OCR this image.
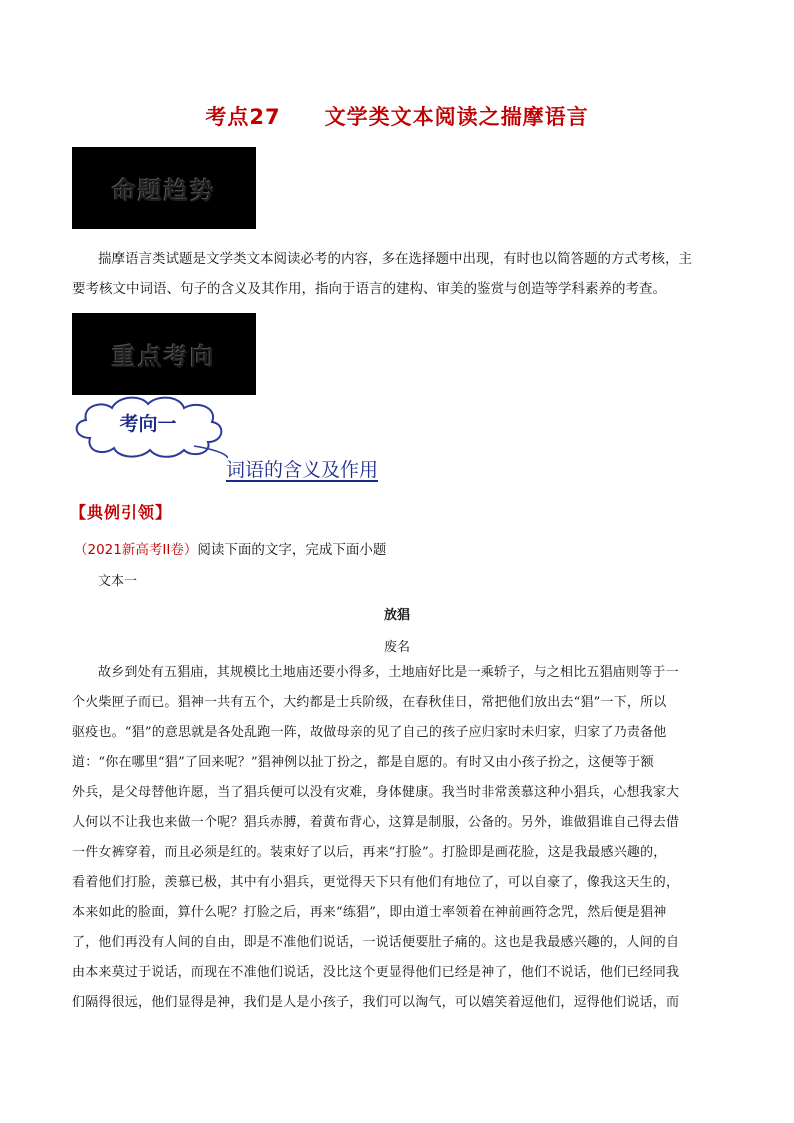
考点27　　文学类文本阅读之揣摩语言
命题趋势

揣摩语言类试题是文学类文本阅读必考的内容，多在选择题中出现，有时也以简答题的方式考核，主

要考核文中词语、句子的含义及其作用，指向于语言的建构、审美的鉴赏与创造等学科素养的考查。

重点考向
考向一
词语的含义及作用
【典例引领】
（2021新高考II卷）阅读下面的文字，完成下面小题
文本一
放猖
废名
故乡到处有五猖庙，其规模比土地庙还要小得多，土地庙好比是一乘轿子，与之相比五猖庙则等于一
个火柴匣子而已。猖神一共有五个，大约都是士兵阶级，在春秋佳日，常把他们放出去“猖”一下，所以
驱疫也。“猖”的意思就是各处乱跑一阵，故做母亲的见了自己的孩子应归家时未归家，归家了乃责备他
道：“你在哪里“猖”了回来呢？”猖神例以扯丁扮之，都是自愿的。有时又由小孩子扮之，这便等于额
外兵，是父母替他许愿，当了猖兵便可以没有灾难，身体健康。我当时非常羡慕这种小猖兵，心想我家大
人何以不让我也来做一个呢？猖兵赤膊，着黄布背心，这算是制服，公备的。另外，谁做猖谁自己得去借
一件女裤穿着，而且必须是红的。装束好了以后，再来“打脸”。打脸即是画花脸，这是我最感兴趣的，
看着他们打脸，羡慕已极，其中有小猖兵，更觉得天下只有他们有地位了，可以自豪了，像我这天生的，
本来如此的脸面，算什么呢？打脸之后，再来“练猖”，即由道士率领着在神前画符念咒，然后便是猖神
了，他们再没有人间的自由，即是不准他们说话，一说话便要肚子痛的。这也是我最感兴趣的，人间的自
由本来莫过于说话，而现在不准他们说话，没比这个更显得他们已经是神了，他们不说话，他们已经同我
们隔得很远，他们显得是神，我们是人是小孩子，我们可以淘气，可以嬉笑着逗他们，逗得他们说话，而
